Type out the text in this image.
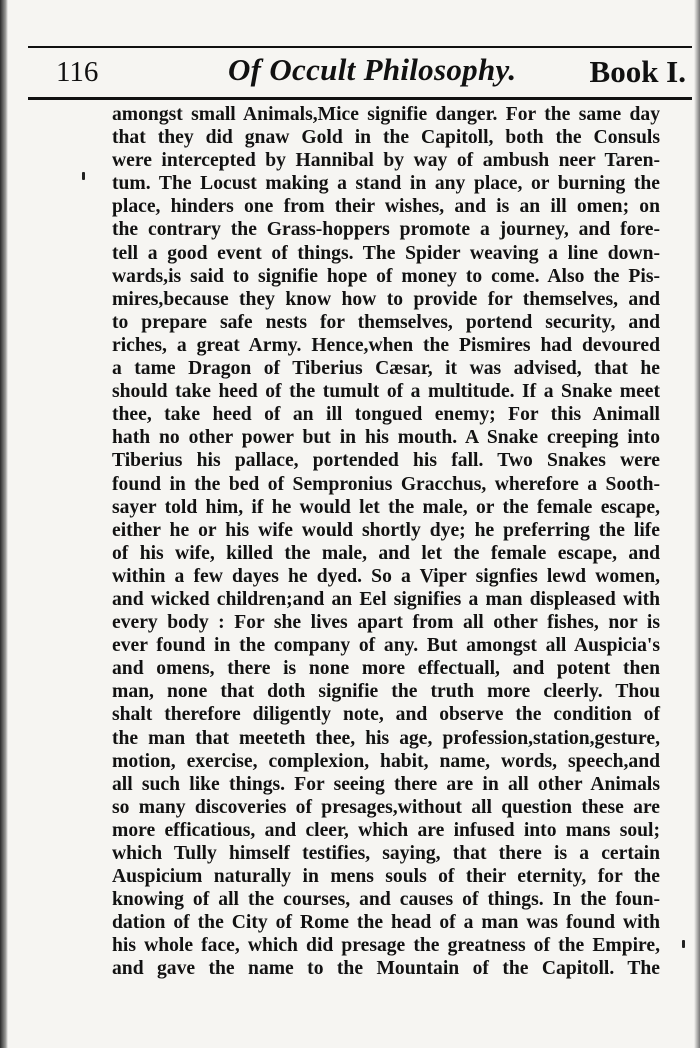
116	Of Occult Philosophy. Book I.
amongst small Animals,Mice signifie danger. For the same day
that they did gnaw Gold in the Capitoll, both the Consuls
were intercepted by Hannibal by way of ambush neer Taren-
tum. The Locust making a stand in any place, or burning the
place, hinders one from their wishes, and is an ill omen; on
the contrary the Grass-hoppers promote a journey, and fore-
tell a good event of things. The Spider weaving a line down-
wards,is said to signifie hope of money to come. Also the Pis-
mires,because they know how to provide for themselves, and
to prepare safe nests for themselves, portend security, and
riches, a great Army. Hence,when the Pismires had devoured
a tame Dragon of Tiberius Cæsar, it was advised, that he
should take heed of the tumult of a multitude. If a Snake meet
thee, take heed of an ill tongued enemy; For this Animall
hath no other power but in his mouth. A Snake creeping into
Tiberius his pallace, portended his fall. Two Snakes were
found in the bed of Sempronius Gracchus, wherefore a Sooth-
sayer told him, if he would let the male, or the female escape,
either he or his wife would shortly dye; he preferring the life
of his wife, killed the male, and let the female escape, and
within a few dayes he dyed. So a Viper signfies lewd women,
and wicked children;and an Eel signifies a man displeased with
every body : For she lives apart from all other fishes, nor is
ever found in the company of any. But amongst all Auspicia's
and omens, there is none more effectuall, and potent then
man, none that doth signifie the truth more cleerly. Thou
shalt therefore diligently note, and observe the condition of
the man that meeteth thee, his age, profession,station,gesture,
motion, exercise, complexion, habit, name, words, speech,and
all such like things. For seeing there are in all other Animals
so many discoveries of presages,without all question these are
more efficatious, and cleer, which are infused into mans soul;
which Tully himself testifies, saying, that there is a certain
Auspicium naturally in mens souls of their eternity, for the
knowing of all the courses, and causes of things. In the foun-
dation of the City of Rome the head of a man was found with
his whole face, which did presage the greatness of the Empire,
and gave the name to the Mountain of the Capitoll. The
